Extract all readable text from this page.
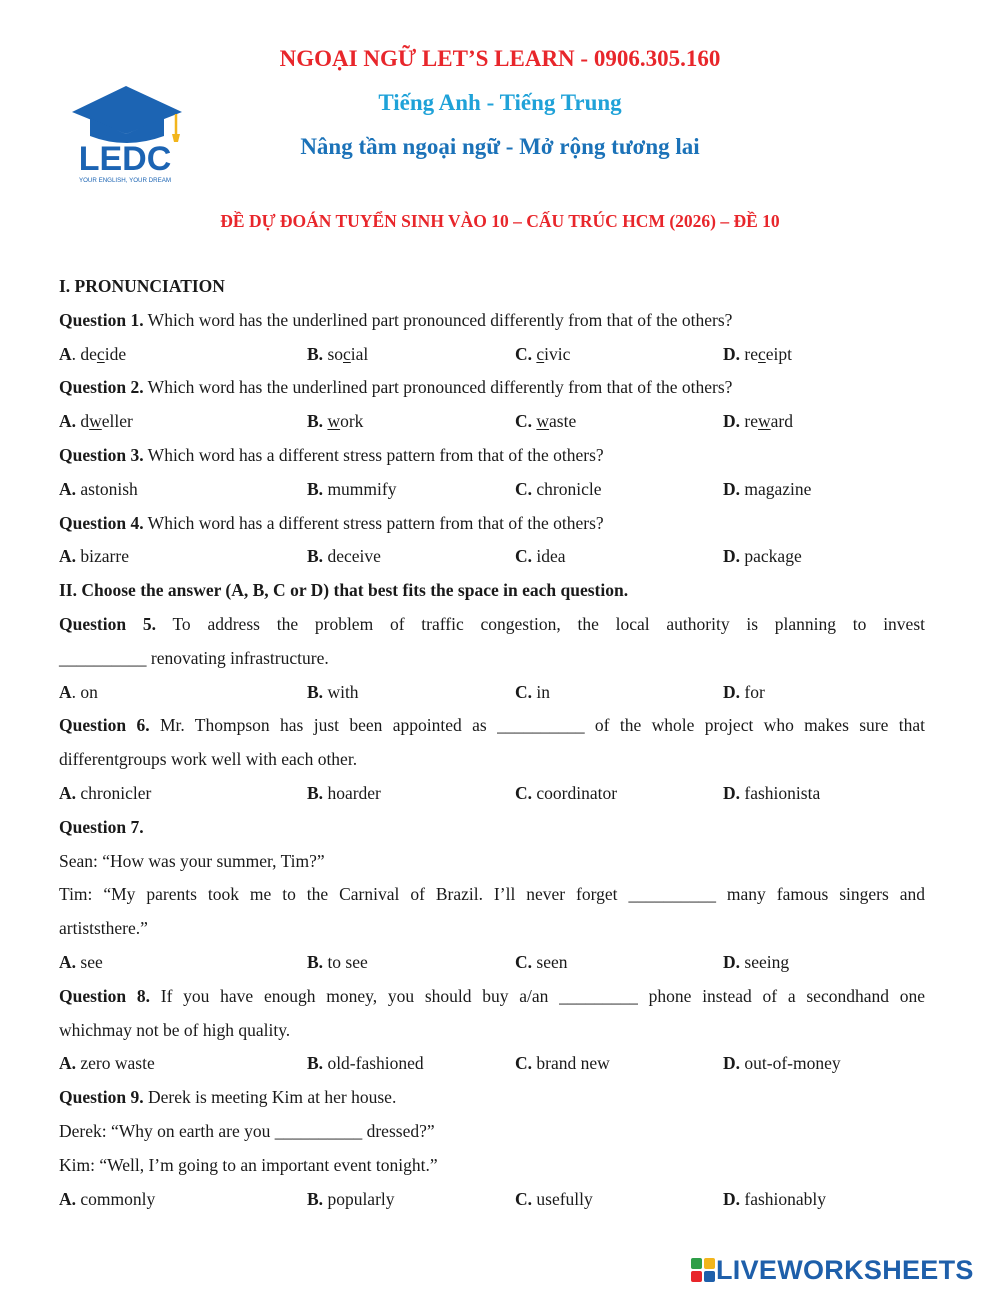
NGOẠI NGỮ LET’S LEARN - 0906.305.160
Tiếng Anh - Tiếng Trung
Nâng tầm ngoại ngữ - Mở rộng tương lai
ĐỀ DỰ ĐOÁN TUYỂN SINH VÀO 10 – CẤU TRÚC HCM (2026) – ĐỀ 10
LEDC
YOUR ENGLISH, YOUR DREAM
I. PRONUNCIATION
Question 1. Which word has the underlined part pronounced differently from that of the others?
A. decide	B. social	C. civic	D. receipt
Question 2. Which word has the underlined part pronounced differently from that of the others?
A. dweller	B. work	C. waste	D. reward
Question 3. Which word has a different stress pattern from that of the others?
A. astonish	B. mummify	C. chronicle	D. magazine
Question 4. Which word has a different stress pattern from that of the others?
A. bizarre	B. deceive	C. idea	D. package
II. Choose the answer (A, B, C or D) that best fits the space in each question.
Question 5. To address the problem of traffic congestion, the local authority is planning to invest
__________ renovating infrastructure.
A. on	B. with	C. in	D. for
Question 6. Mr. Thompson has just been appointed as __________ of the whole project who makes sure that
differentgroups work well with each other.
A. chronicler	B. hoarder	C. coordinator	D. fashionista
Question 7.
Sean: “How was your summer, Tim?”
Tim: “My parents took me to the Carnival of Brazil. I’ll never forget __________ many famous singers and
artiststhere.”
A. see	B. to see	C. seen	D. seeing
Question 8. If you have enough money, you should buy a/an _________ phone instead of a secondhand one
whichmay not be of high quality.
A. zero waste	B. old-fashioned	C. brand new	D. out-of-money
Question 9. Derek is meeting Kim at her house.
Derek: “Why on earth are you __________ dressed?”
Kim: “Well, I’m going to an important event tonight.”
A. commonly	B. popularly	C. usefully	D. fashionably
LIVEWORKSHEETS
